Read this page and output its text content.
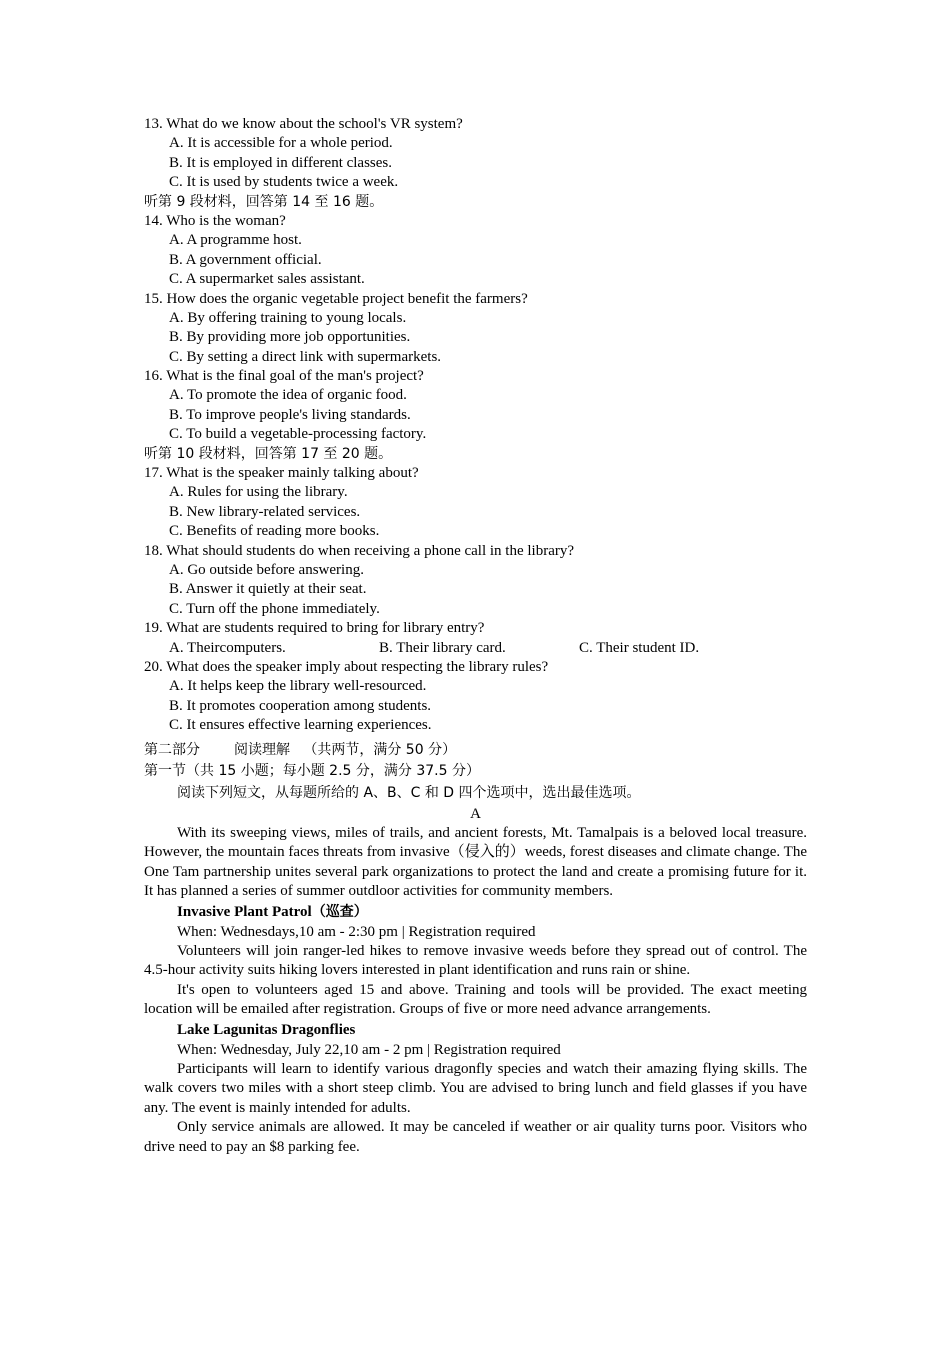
13. What do we know about the school's VR system?
A. It is accessible for a whole period.
B. It is employed in different classes.
C. It is used by students twice a week.
听第 9 段材料，回答第 14 至 16 题。
14. Who is the woman?
A. A programme host.
B. A government official.
C. A supermarket sales assistant.
15. How does the organic vegetable project benefit the farmers?
A. By offering training to young locals.
B. By providing more job opportunities.
C. By setting a direct link with supermarkets.
16. What is the final goal of the man's project?
A. To promote the idea of organic food.
B. To improve people's living standards.
C. To build a vegetable-processing factory.
听第 10 段材料，回答第 17 至 20 题。
17. What is the speaker mainly talking about?
A. Rules for using the library.
B. New library-related services.
C. Benefits of reading more books.
18. What should students do when receiving a phone call in the library?
A. Go outside before answering.
B. Answer it quietly at their seat.
C. Turn off the phone immediately.
19. What are students required to bring for library entry?
A. Theircomputers.	B. Their library card.	C. Their student ID.
20. What does the speaker imply about respecting the library rules?
A. It helps keep the library well-resourced.
B. It promotes cooperation among students.
C. It ensures effective learning experiences.
第二部分 阅读理解 （共两节，满分 50 分）
第一节（共 15 小题；每小题 2.5 分，满分 37.5 分）
阅读下列短文，从每题所给的 A、B、C 和 D 四个选项中，选出最佳选项。
A

With its sweeping views, miles of trails, and ancient forests, Mt. Tamalpais is a beloved local treasure. However, the mountain faces threats from invasive（侵入的）weeds, forest diseases and climate change. The One Tam partnership unites several park organizations to protect the land and create a promising future for it. It has planned a series of summer outdloor activities for community members.

Invasive Plant Patrol（巡查）
When: Wednesdays,10 am - 2:30 pm | Registration required

Volunteers will join ranger-led hikes to remove invasive weeds before they spread out of control. The 4.5-hour activity suits hiking lovers interested in plant identification and runs rain or shine.

It's open to volunteers aged 15 and above. Training and tools will be provided. The exact meeting location will be emailed after registration. Groups of five or more need advance arrangements.

Lake Lagunitas Dragonflies
When: Wednesday, July 22,10 am - 2 pm | Registration required

Participants will learn to identify various dragonfly species and watch their amazing flying skills. The walk covers two miles with a short steep climb. You are advised to bring lunch and field glasses if you have any. The event is mainly intended for adults.

Only service animals are allowed. It may be canceled if weather or air quality turns poor. Visitors who drive need to pay an $8 parking fee.
